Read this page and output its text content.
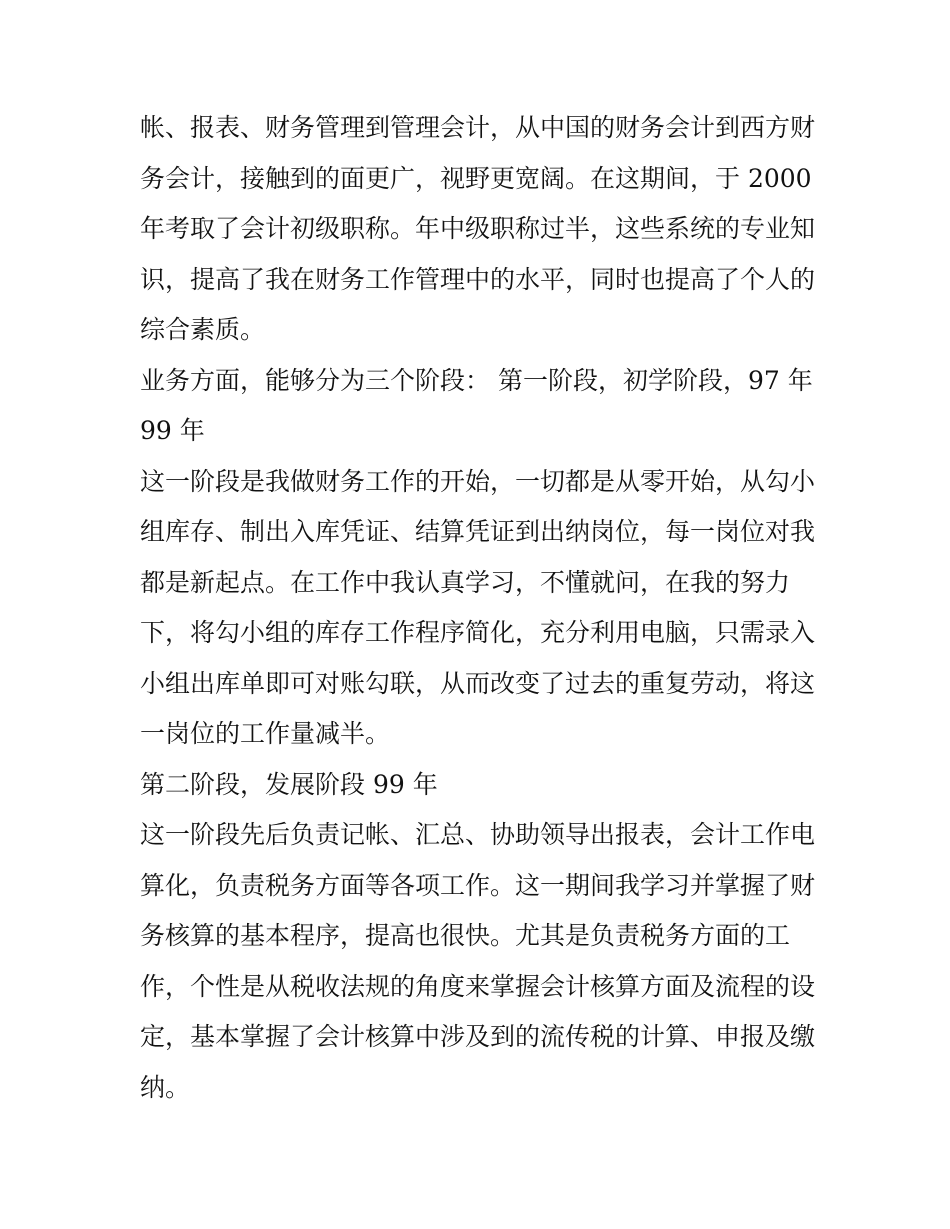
帐、报表、财务管理到管理会计，从中国的财务会计到西方财
务会计，接触到的面更广，视野更宽阔。在这期间，于 2000
年考取了会计初级职称。年中级职称过半，这些系统的专业知
识，提高了我在财务工作管理中的水平，同时也提高了个人的
综合素质。

业务方面，能够分为三个阶段： 第一阶段，初学阶段，97 年
99 年

这一阶段是我做财务工作的开始，一切都是从零开始，从勾小
组库存、制出入库凭证、结算凭证到出纳岗位，每一岗位对我
都是新起点。在工作中我认真学习，不懂就问，在我的努力
下，将勾小组的库存工作程序简化，充分利用电脑，只需录入
小组出库单即可对账勾联，从而改变了过去的重复劳动，将这
一岗位的工作量减半。

第二阶段，发展阶段 99 年

这一阶段先后负责记帐、汇总、协助领导出报表，会计工作电
算化，负责税务方面等各项工作。这一期间我学习并掌握了财
务核算的基本程序，提高也很快。尤其是负责税务方面的工
作，个性是从税收法规的角度来掌握会计核算方面及流程的设
定，基本掌握了会计核算中涉及到的流传税的计算、申报及缴
纳。
